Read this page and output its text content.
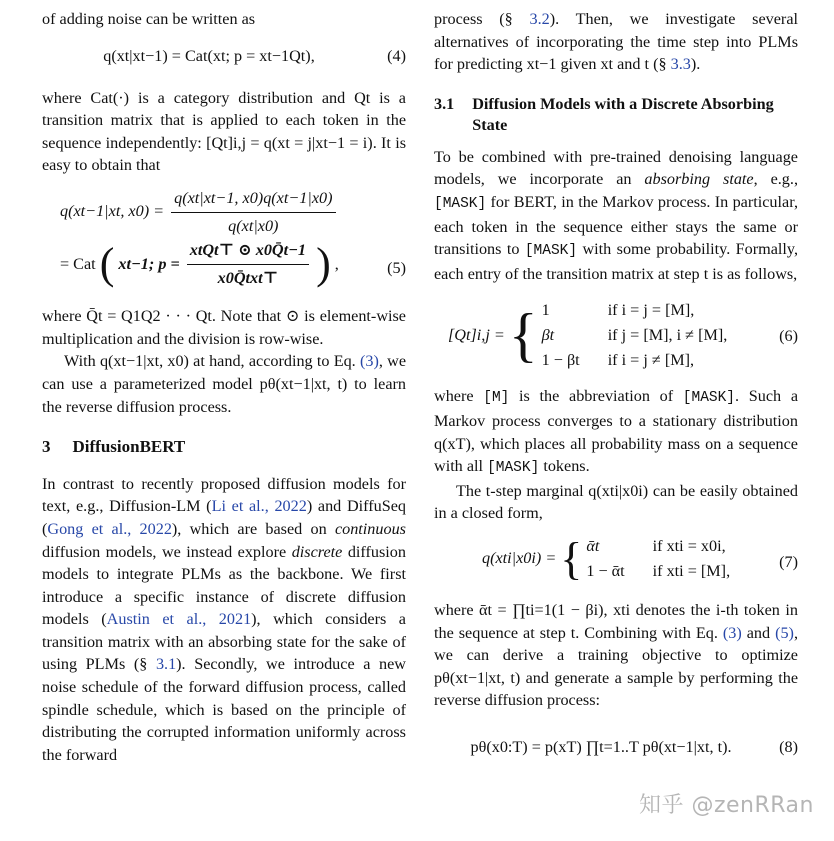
of adding noise can be written as

q(xt|xt−1) = Cat(xt; p = xt−1Qt),	(4)

where Cat(·) is a category distribution and Qt is a transition matrix that is applied to each token in the sequence independently: [Qt]i,j = q(xt = j|xt−1 = i). It is easy to obtain that

q(xt−1|xt, $x0) = \frac{q(xt|xt-1, x0)q(xt-1|x0)}{q(xt|x0)}$
= Cat ( xt−1; $p = \frac{\text{xtQt⊤ ⊙ x0Q̄t−1}}{\text{x0Q̄txt⊤}}$ ) ,	(5)

where Q̄t = Q1Q2 · · · Qt. Note that ⊙ is element-wise multiplication and the division is row-wise.

With q(xt−1|xt, x0) at hand, according to Eq. (3), we can use a parameterized model pθ(xt−1|xt, t) to learn the reverse diffusion process.

3 DiffusionBERT

In contrast to recently proposed diffusion models for text, e.g., Diffusion-LM (Li et al., 2022) and DiffuSeq (Gong et al., 2022), which are based on continuous diffusion models, we instead explore discrete diffusion models to integrate PLMs as the backbone. We first introduce a specific instance of discrete diffusion models (Austin et al., 2021), which considers a transition matrix with an absorbing state for the sake of using PLMs (§ 3.1). Secondly, we introduce a new noise schedule of the forward diffusion process, called spindle schedule, which is based on the principle of distributing the corrupted information uniformly across the forward

process (§ 3.2). Then, we investigate several alternatives of incorporating the time step into PLMs for predicting xt−1 given xt and t (§ 3.3).

3.1 Diffusion Models with a Discrete Absorbing State

To be combined with pre-trained denoising language models, we incorporate an absorbing state, e.g., [MASK] for BERT, in the Markov process. In particular, each token in the sequence either stays the same or transitions to [MASK] with some probability. Formally, each entry of the transition matrix at step t is as follows,

[Qt]i,j = { 1	if i = j = [M],
βt	if j = [M], i ≠ [M],
1 − βt if i = j ≠ [M],
(6)

where [M] is the abbreviation of [MASK]. Such a Markov process converges to a stationary distribution q(xT), which places all probability mass on a sequence with all [MASK] tokens.

The t-step marginal q(xti|x0i) can be easily obtained in a closed form,

q(xti|x0i) = { ᾱt	if xti = x0i,
1 − ᾱt if xti = [M],	(7)

where ᾱt = ∏ti=1(1 − βi), xti denotes the i-th token in the sequence at step t. Combining with Eq. (3) and (5), we can derive a training objective to optimize pθ(xt−1|xt, t) and generate a sample by performing the reverse diffusion process:

pθ(x0:T) = p(xT) ∏t=1..T pθ(xt−1|xt, t).	(8)
知乎 @zenRRan
